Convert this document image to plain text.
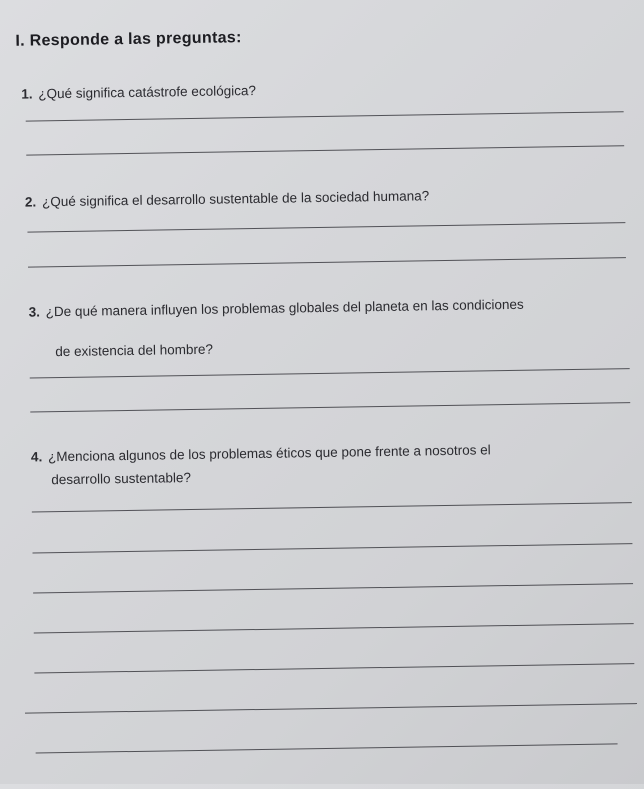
I. Responde a las preguntas:
1. ¿Qué significa catástrofe ecológica?
2. ¿Qué significa el desarrollo sustentable de la sociedad humana?
3. ¿De qué manera influyen los problemas globales del planeta en las condiciones
de existencia del hombre?
4. ¿Menciona algunos de los problemas éticos que pone frente a nosotros el
desarrollo sustentable?
